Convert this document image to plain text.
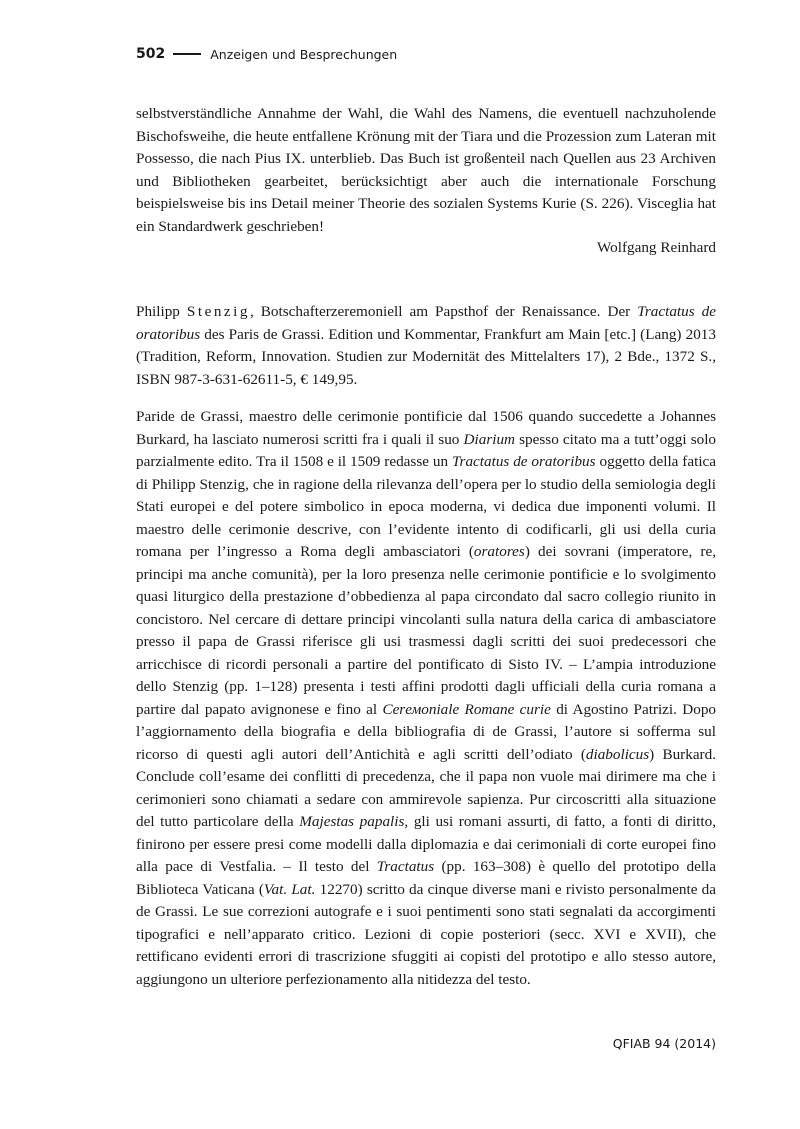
502	Anzeigen und Besprechungen

selbstverständliche Annahme der Wahl, die Wahl des Namens, die eventuell nachzuholende Bischofsweihe, die heute entfallene Krönung mit der Tiara und die Prozession zum Lateran mit Possesso, die nach Pius IX. unterblieb. Das Buch ist großenteil nach Quellen aus 23 Archiven und Bibliotheken gearbeitet, berücksichtigt aber auch die internationale Forschung beispielsweise bis ins Detail meiner Theorie des sozialen Systems Kurie (S. 226). Visceglia hat ein Standardwerk geschrieben!

Wolfgang Reinhard

Philipp Stenzig, Botschafterzeremoniell am Papsthof der Renaissance. Der Tractatus de oratoribus des Paris de Grassi. Edition und Kommentar, Frankfurt am Main [etc.] (Lang) 2013 (Tradition, Reform, Innovation. Studien zur Modernität des Mittelalters 17), 2 Bde., 1372 S., ISBN 987-3-631-62611-5, € 149,95.

Paride de Grassi, maestro delle cerimonie pontificie dal 1506 quando succedette a Johannes Burkard, ha lasciato numerosi scritti fra i quali il suo Diarium spesso citato ma a tutt’oggi solo parzialmente edito. Tra il 1508 e il 1509 redasse un Tractatus de oratoribus oggetto della fatica di Philipp Stenzig, che in ragione della rilevanza dell’opera per lo studio della semiologia degli Stati europei e del potere simbolico in epoca moderna, vi dedica due imponenti volumi. Il maestro delle cerimonie descrive, con l’evidente intento di codificarli, gli usi della curia romana per l’ingresso a Roma degli ambasciatori (oratores) dei sovrani (imperatore, re, principi ma anche comunità), per la loro presenza nelle cerimonie pontificie e lo svolgimento quasi liturgico della prestazione d’obbedienza al papa circondato dal sacro collegio riunito in concistoro. Nel cercare di dettare principi vincolanti sulla natura della carica di ambasciatore presso il papa de Grassi riferisce gli usi trasmessi dagli scritti dei suoi predecessori che arricchisce di ricordi personali a partire del pontificato di Sisto IV. – L’ampia introduzione dello Stenzig (pp. 1–128) presenta i testi affini prodotti dagli ufficiali della curia romana a partire dal papato avignonese e fino al Cerемoniale Romane curie di Agostino Patrizi. Dopo l’aggiornamento della biografia e della bibliografia di de Grassi, l’autore si sofferma sul ricorso di questi agli autori dell’Antichità e agli scritti dell’odiato (diabolicus) Burkard. Conclude coll’esame dei conflitti di precedenza, che il papa non vuole mai dirimere ma che i cerimonieri sono chiamati a sedare con ammirevole sapienza. Pur circoscritti alla situazione del tutto particolare della Majestas papalis, gli usi romani assurti, di fatto, a fonti di diritto, finirono per essere presi come modelli dalla diplomazia e dai cerimoniali di corte europei fino alla pace di Vestfalia. – Il testo del Tractatus (pp. 163–308) è quello del prototipo della Biblioteca Vaticana (Vat. Lat. 12270) scritto da cinque diverse mani e rivisto personalmente da de Grassi. Le sue correzioni autografe e i suoi pentimenti sono stati segnalati da accorgimenti tipografici e nell’apparato critico. Lezioni di copie posteriori (secc. XVI e XVII), che rettificano evidenti errori di trascrizione sfuggiti ai copisti del prototipo e allo stesso autore, aggiungono un ulteriore perfezionamento alla nitidezza del testo.

QFIAB 94 (2014)
